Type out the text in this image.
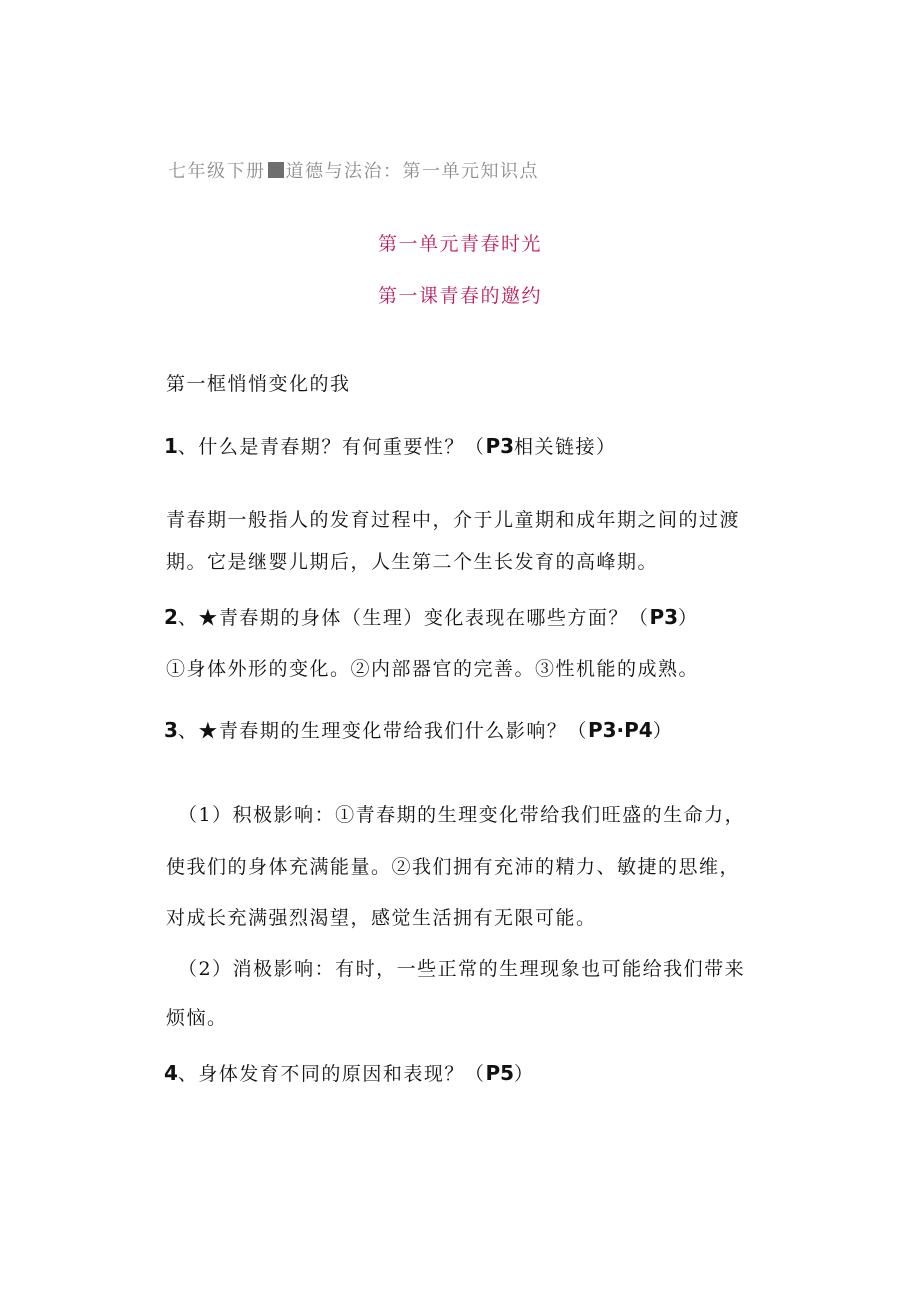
七年级下册 道德与法治：第一单元知识点
第一单元青春时光
第一课青春的邀约
第一框悄悄变化的我
1、什么是青春期？有何重要性？（P3相关链接）
青春期一般指人的发育过程中，介于儿童期和成年期之间的过渡
期。它是继婴儿期后，人生第二个生长发育的高峰期。
2、★青春期的身体（生理）变化表现在哪些方面？（P3）
①身体外形的变化。②内部器官的完善。③性机能的成熟。
3、★青春期的生理变化带给我们什么影响？（P3·P4）
（1）积极影响：①青春期的生理变化带给我们旺盛的生命力，
使我们的身体充满能量。②我们拥有充沛的精力、敏捷的思维，
对成长充满强烈渴望，感觉生活拥有无限可能。
（2）消极影响：有时，一些正常的生理现象也可能给我们带来
烦恼。
4、身体发育不同的原因和表现？（P5）
